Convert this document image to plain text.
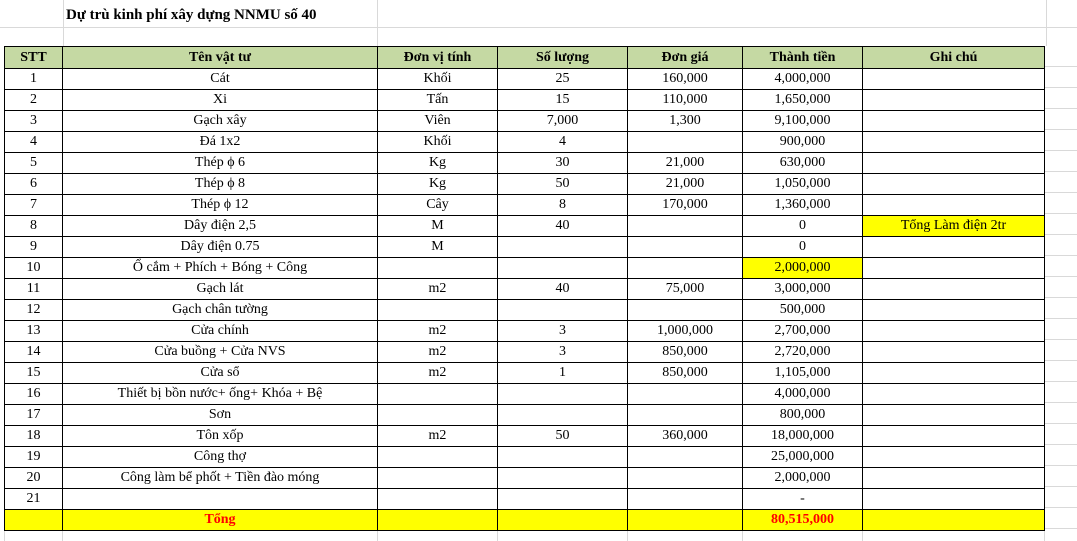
Dự trù kinh phí xây dựng NNMU số 40
STT	Tên vật tư	Đơn vị tính	Số lượng	Đơn giá	Thành tiền	Ghi chú
1	Cát	Khối	25	160,000	4,000,000	
2	Xi	Tấn	15	110,000	1,650,000	
3	Gạch xây	Viên	7,000	1,300	9,100,000	
4	Đá 1x2	Khối	4		900,000	
5	Thép ϕ 6	Kg	30	21,000	630,000	
6	Thép ϕ 8	Kg	50	21,000	1,050,000	
7	Thép ϕ 12	Cây	8	170,000	1,360,000	
8	Dây điện 2,5	M	40		0	Tổng Làm điện 2tr
9	Dây điện 0.75	M			0	
10	Ổ cắm + Phích + Bóng + Công				2,000,000	
11	Gạch lát	m2	40	75,000	3,000,000	
12	Gạch chân tường				500,000	
13	Cửa chính	m2	3	1,000,000	2,700,000	
14	Cửa buồng + Cửa NVS	m2	3	850,000	2,720,000	
15	Cửa sổ	m2	1	850,000	1,105,000	
16	Thiết bị bồn nước+ ống+ Khóa + Bệ				4,000,000	
17	Sơn				800,000	
18	Tôn xốp	m2	50	360,000	18,000,000	
19	Công thợ				25,000,000	
20	Công làm bể phốt + Tiền đào móng				2,000,000	
21					-	
	Tổng				80,515,000	
